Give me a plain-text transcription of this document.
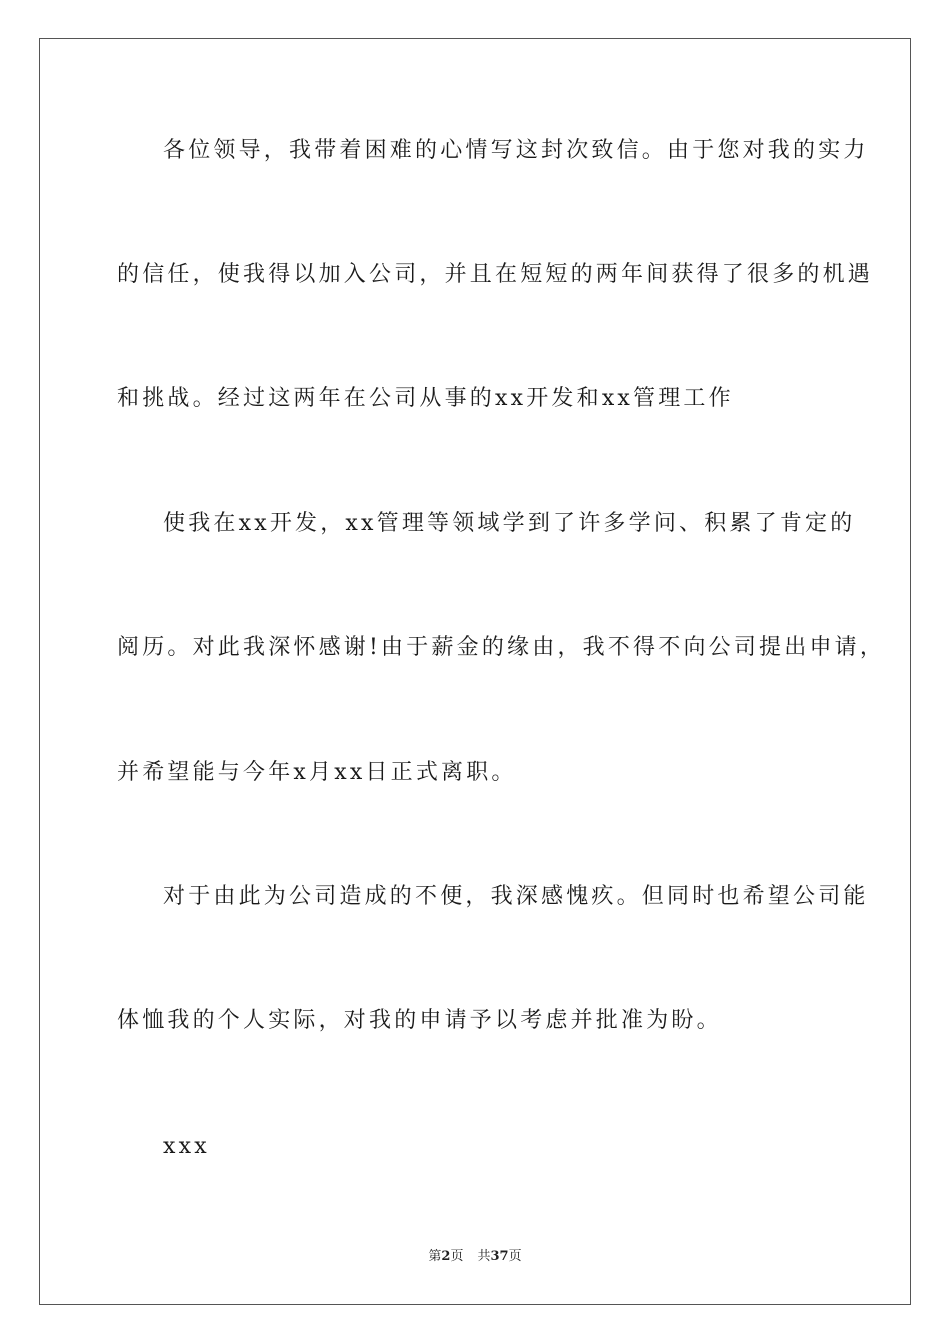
各位领导，我带着困难的心情写这封次致信。由于您对我的实力

的信任，使我得以加入公司，并且在短短的两年间获得了很多的机遇

和挑战。经过这两年在公司从事的xx开发和xx管理工作

使我在xx开发，xx管理等领域学到了许多学问、积累了肯定的

阅历。对此我深怀感谢!由于薪金的缘由，我不得不向公司提出申请，

并希望能与今年x月xx日正式离职。

对于由此为公司造成的不便，我深感愧疚。但同时也希望公司能

体恤我的个人实际，对我的申请予以考虑并批准为盼。

xxx

第2页 共37页
